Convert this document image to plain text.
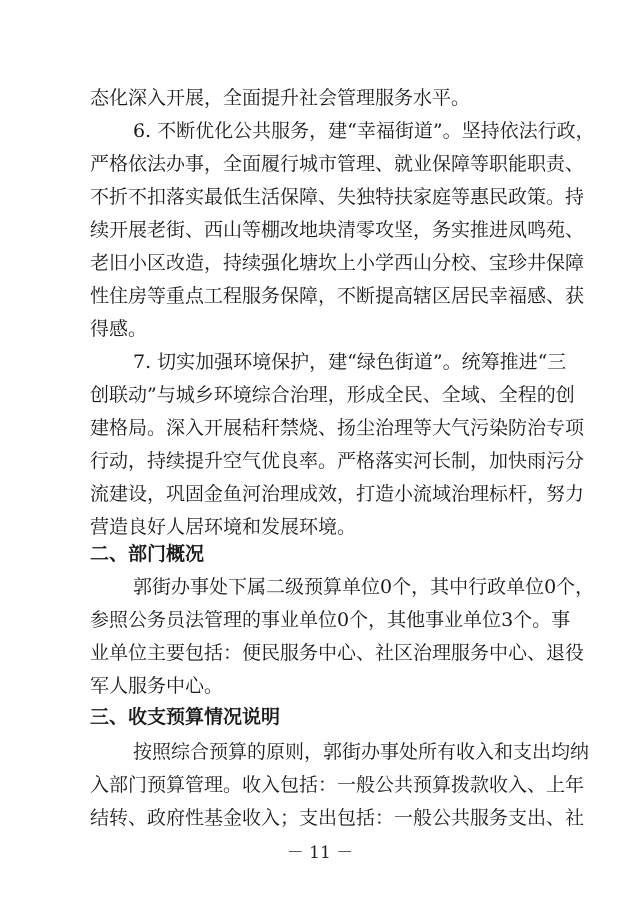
态化深入开展，全面提升社会管理服务水平。
6. 不断优化公共服务，建“幸福街道”。坚持依法行政，
严格依法办事，全面履行城市管理、就业保障等职能职责、
不折不扣落实最低生活保障、失独特扶家庭等惠民政策。持
续开展老街、西山等棚改地块清零攻坚，务实推进凤鸣苑、
老旧小区改造，持续强化塘坎上小学西山分校、宝珍井保障
性住房等重点工程服务保障，不断提高辖区居民幸福感、获
得感。
7. 切实加强环境保护，建“绿色街道”。统筹推进“三
创联动”与城乡环境综合治理，形成全民、全域、全程的创
建格局。深入开展秸秆禁烧、扬尘治理等大气污染防治专项
行动，持续提升空气优良率。严格落实河长制，加快雨污分
流建设，巩固金鱼河治理成效，打造小流域治理标杆，努力
营造良好人居环境和发展环境。
二、部门概况
郭街办事处下属二级预算单位0个，其中行政单位0个，
参照公务员法管理的事业单位0个，其他事业单位3个。事
业单位主要包括：便民服务中心、社区治理服务中心、退役
军人服务中心。
三、收支预算情况说明
按照综合预算的原则，郭街办事处所有收入和支出均纳
入部门预算管理。收入包括：一般公共预算拨款收入、上年
结转、政府性基金收入；支出包括：一般公共服务支出、社
－ 11 －
